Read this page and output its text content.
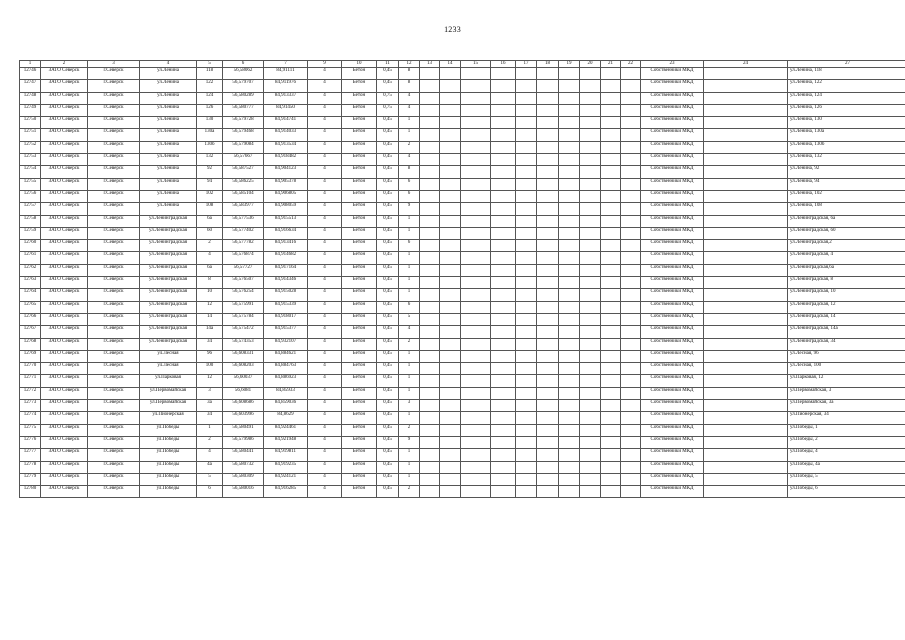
1233
1	2	3	4	5	6	7	9	10	11	12	13	14	15	16	17	18	19	20	21	22	23	24	27
12746	ЗАТО Северск	г.Северск	ул.Ленина	118	56,58062	84,91111	4	Бетон	0,45	8											Собственники МКД		ул.Ленина, 118
12747	ЗАТО Северск	г.Северск	ул.Ленина	122	56,579707	84,911976	4	Бетон	0,45	8											Собственники МКД		ул.Ленина, 122
12748	ЗАТО Северск	г.Северск	ул.Ленина	124	56,580289	84,913337	4	Бетон	0,75	4											Собственники МКД		ул.Ленина, 124
12749	ЗАТО Северск	г.Северск	ул.Ленина	126	56,580777	84,91450	4	Бетон	0,75	4											Собственники МКД		ул.Ленина, 126
12750	ЗАТО Северск	г.Северск	ул.Ленина	130	56,579728	84,914741	4	Бетон	0,45	1											Собственники МКД		ул.Ленина, 130
12751	ЗАТО Северск	г.Северск	ул.Ленина	130а	56,579468	84,914033	4	Бетон	0,45	1											Собственники МКД		ул.Ленина, 130а
12752	ЗАТО Северск	г.Северск	ул.Ленина	130б	56,579084	84,913534	4	Бетон	0,45	2											Собственники МКД		ул.Ленина, 130б
12753	ЗАТО Северск	г.Северск	ул.Ленина	132	56,57667	84,918482	4	Бетон	0,45	4											Собственники МКД		ул.Ленина, 132
12754	ЗАТО Северск	г.Северск	ул.Ленина	92	56,587527	84,904123	4	Бетон	0,45	8											Собственники МКД		ул.Ленина, 92
12755	ЗАТО Северск	г.Северск	ул.Ленина	94	56,586225	84,905378	4	Бетон	0,45	6											Собственники МКД		ул.Ленина, 94
12756	ЗАТО Северск	г.Северск	ул.Ленина	102	56,585104	84,906805	4	Бетон	0,45	6											Собственники МКД		ул.Ленина, 102
12757	ЗАТО Северск	г.Северск	ул.Ленина	108	56,583977	84,908059	4	Бетон	0,45	9											Собственники МКД		ул.Ленина, 108
12758	ЗАТО Северск	г.Северск	ул.Ленинградская	6а	56,577536	84,915513	4	Бетон	0,45	1											Собственники МКД		ул.Ленинградская, 6а
12759	ЗАТО Северск	г.Северск	ул.Ленинградская	60	56,577402	84,916634	4	Бетон	0,45	1											Собственники МКД		ул.Ленинградская, 60
12760	ЗАТО Северск	г.Северск	ул.Ленинградская	2	56,577782	84,913416	4	Бетон	0,45	6											Собственники МКД		ул.Ленинградская,2
12761	ЗАТО Северск	г.Северск	ул.Ленинградская	4	56,576874	84,914682	4	Бетон	0,45	1											Собственники МКД		ул.Ленинградская, 4
12762	ЗАТО Северск	г.Северск	ул.Ленинградская	6а	56,57727	84,917164	4	Бетон	0,45	1											Собственники МКД		ул.Ленинградская,6а
12763	ЗАТО Северск	г.Северск	ул.Ленинградская	8	56,576507	84,914346	4	Бетон	0,45	1											Собственники МКД		ул.Ленинградская, 8
12764	ЗАТО Северск	г.Северск	ул.Ленинградская	10	56,576254	84,915028	4	Бетон	0,45	1											Собственники МКД		ул.Ленинградская, 10
12765	ЗАТО Северск	г.Северск	ул.Ленинградская	12	56,575991	84,915339	4	Бетон	0,45	6											Собственники МКД		ул.Ленинградская, 12
12766	ЗАТО Северск	г.Северск	ул.Ленинградская	14	56,575784	84,918017	4	Бетон	0,45	5											Собственники МКД		ул.Ленинградская, 14
12767	ЗАТО Северск	г.Северск	ул.Ленинградская	14а	56,575472	84,915377	4	Бетон	0,45	4											Собственники МКД		ул.Ленинградская, 14а
12768	ЗАТО Северск	г.Северск	ул.Ленинградская	34	56,574353	84,932107	4	Бетон	0,45	2											Собственники МКД		ул.Ленинградская, 34
12769	ЗАТО Северск	г.Северск	ул.Лесная	96	56,608331	84,884621	4	Бетон	0,45	1											Собственники МКД		ул.Лесная, 96
12770	ЗАТО Северск	г.Северск	ул.Лесная	100	56,608203	84,884763	4	Бетон	0,45	1											Собственники МКД		ул.Лесная, 100
12771	ЗАТО Северск	г.Северск	ул.Парковая	12	56,60037	84,886923	4	Бетон	0,45	1											Собственники МКД		ул.Парковая, 12
12772	ЗАТО Северск	г.Северск	ул.Первомайская	3	56,6081	84,85933	4	Бетон	0,45	1											Собственники МКД		ул.Первомайская, 3
12773	ЗАТО Северск	г.Северск	ул.Первомайская	3а	56,608686	84,859036	4	Бетон	0,45	3											Собственники МКД		ул.Первомайская, 3а
12774	ЗАТО Северск	г.Северск	ул.Пионерская	34	56,603996	84,8629	4	Бетон	0,45	1											Собственники МКД		ул.Пионерская, 34
12775	ЗАТО Северск	г.Северск	ул.Победы	1	56,580491	84,924461	4	Бетон	0,45	2											Собственники МКД		ул.Победы, 1
12776	ЗАТО Северск	г.Северск	ул.Победы	2	56,579986	84,921948	4	Бетон	0,45	9											Собственники МКД		ул.Победы, 2
12777	ЗАТО Северск	г.Северск	ул.Победы	4	56,580441	84,919811	4	Бетон	0,45	1											Собственники МКД		ул.Победы, 4
12778	ЗАТО Северск	г.Северск	ул.Победы	4а	56,580732	84,919235	4	Бетон	0,45	1											Собственники МКД		ул.Победы, 4а
12779	ЗАТО Северск	г.Северск	ул.Победы	5	56,580309	84,924121	4	Бетон	0,45	1											Собственники МКД		ул.Победы, 5
12780	ЗАТО Северск	г.Северск	ул.Победы	6	56,580016	84,916285	4	Бетон	0,45	2											Собственники МКД		ул.Победы, 6
